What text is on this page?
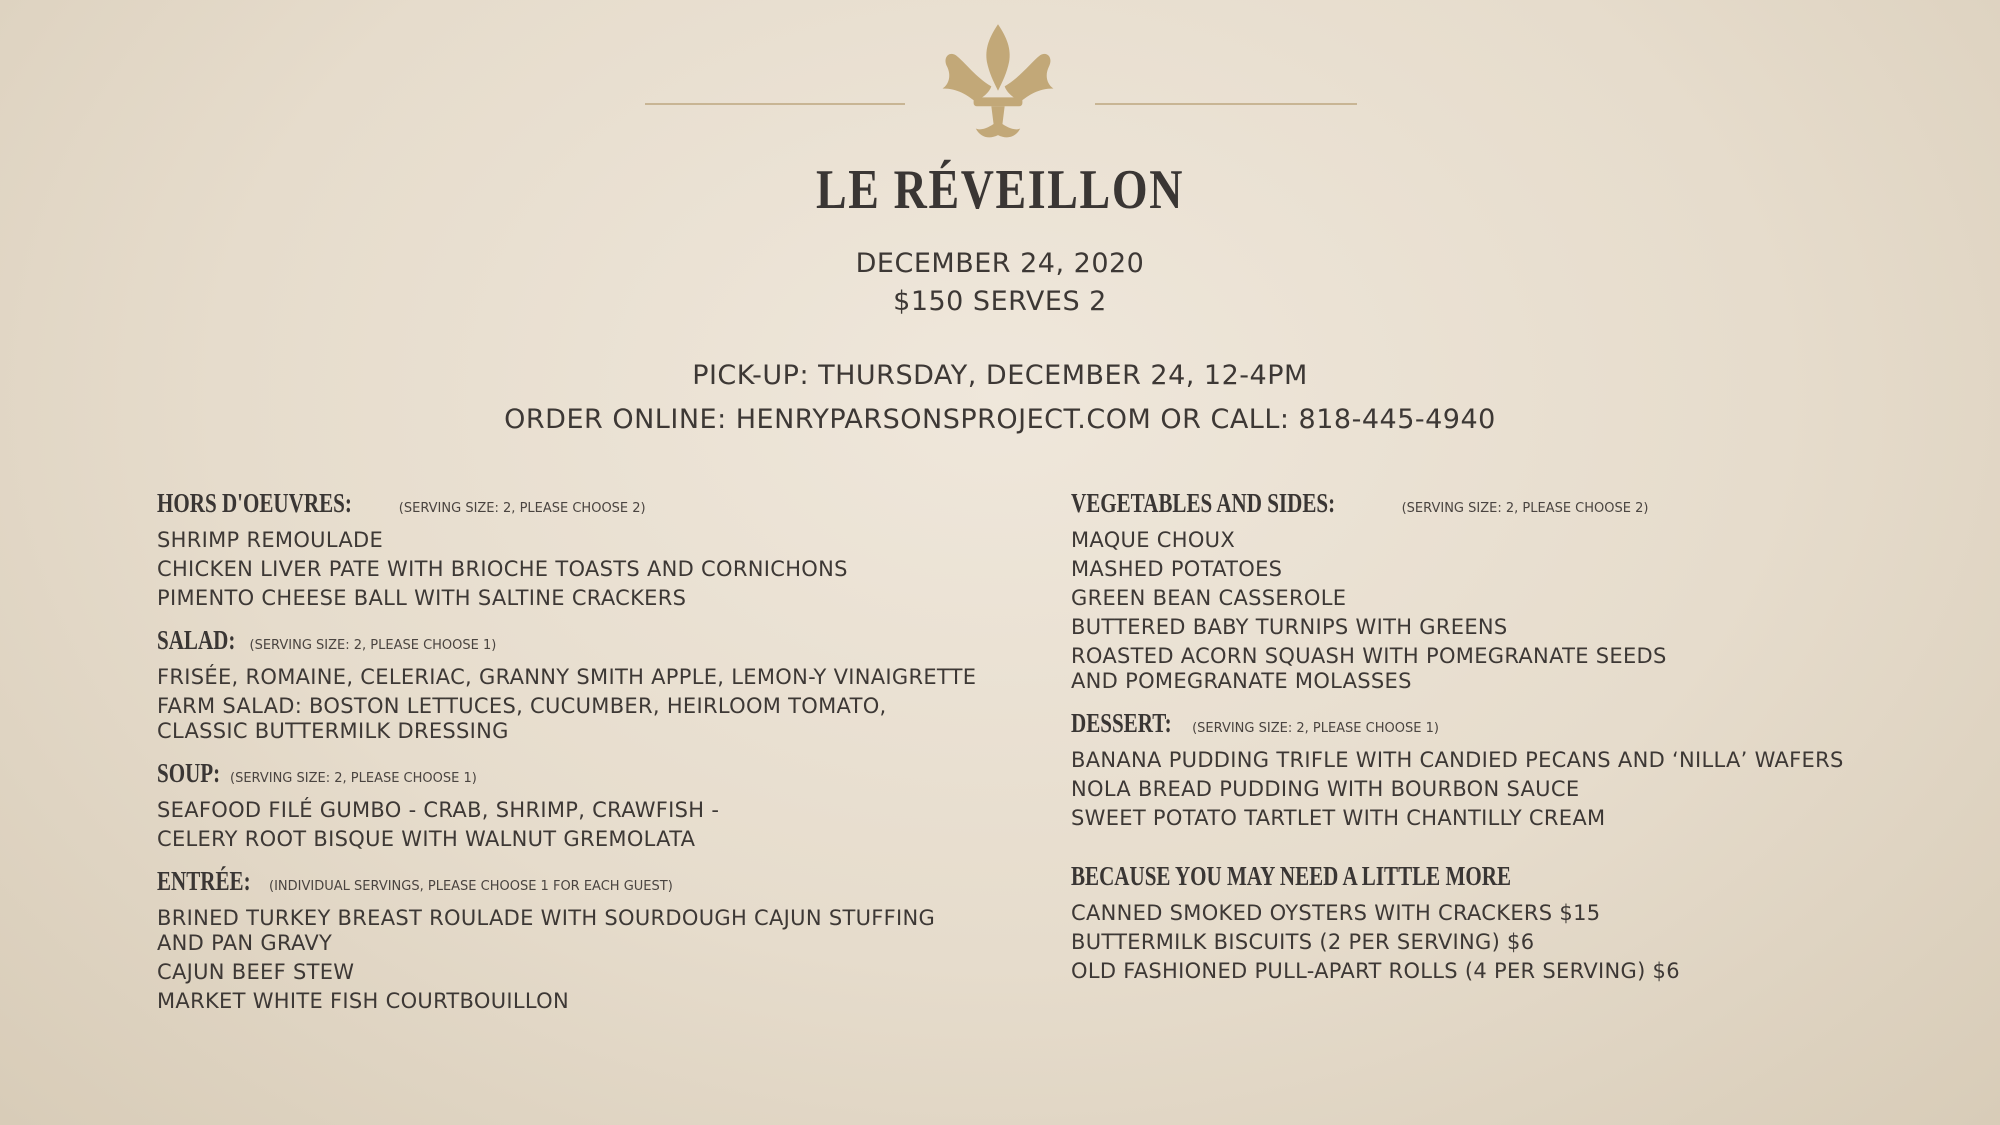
LE RÉVEILLON
DECEMBER 24, 2020
$150 SERVES 2
PICK-UP: THURSDAY, DECEMBER 24, 12-4PM
ORDER ONLINE: HENRYPARSONSPROJECT.COM OR CALL: 818-445-4940
HORS D'OEUVRES:	(SERVING SIZE: 2, PLEASE CHOOSE 2)
SHRIMP REMOULADE
CHICKEN LIVER PATE WITH BRIOCHE TOASTS AND CORNICHONS
PIMENTO CHEESE BALL WITH SALTINE CRACKERS
SALAD: (SERVING SIZE: 2, PLEASE CHOOSE 1)
FRISÉE, ROMAINE, CELERIAC, GRANNY SMITH APPLE, LEMON-Y VINAIGRETTE
FARM SALAD: BOSTON LETTUCES, CUCUMBER, HEIRLOOM TOMATO, CLASSIC BUTTERMILK DRESSING
SOUP: (SERVING SIZE: 2, PLEASE CHOOSE 1)
SEAFOOD FILÉ GUMBO - CRAB, SHRIMP, CRAWFISH -
CELERY ROOT BISQUE WITH WALNUT GREMOLATA
ENTRÉE: (INDIVIDUAL SERVINGS, PLEASE CHOOSE 1 FOR EACH GUEST)
BRINED TURKEY BREAST ROULADE WITH SOURDOUGH CAJUN STUFFING AND PAN GRAVY
CAJUN BEEF STEW
MARKET WHITE FISH COURTBOUILLON
VEGETABLES AND SIDES:	(SERVING SIZE: 2, PLEASE CHOOSE 2)
MAQUE CHOUX
MASHED POTATOES
GREEN BEAN CASSEROLE
BUTTERED BABY TURNIPS WITH GREENS
ROASTED ACORN SQUASH WITH POMEGRANATE SEEDS AND POMEGRANATE MOLASSES
DESSERT: (SERVING SIZE: 2, PLEASE CHOOSE 1)
BANANA PUDDING TRIFLE WITH CANDIED PECANS AND ‘NILLA’ WAFERS
NOLA BREAD PUDDING WITH BOURBON SAUCE
SWEET POTATO TARTLET WITH CHANTILLY CREAM
BECAUSE YOU MAY NEED A LITTLE MORE
CANNED SMOKED OYSTERS WITH CRACKERS $15
BUTTERMILK BISCUITS (2 PER SERVING) $6
OLD FASHIONED PULL-APART ROLLS (4 PER SERVING) $6
